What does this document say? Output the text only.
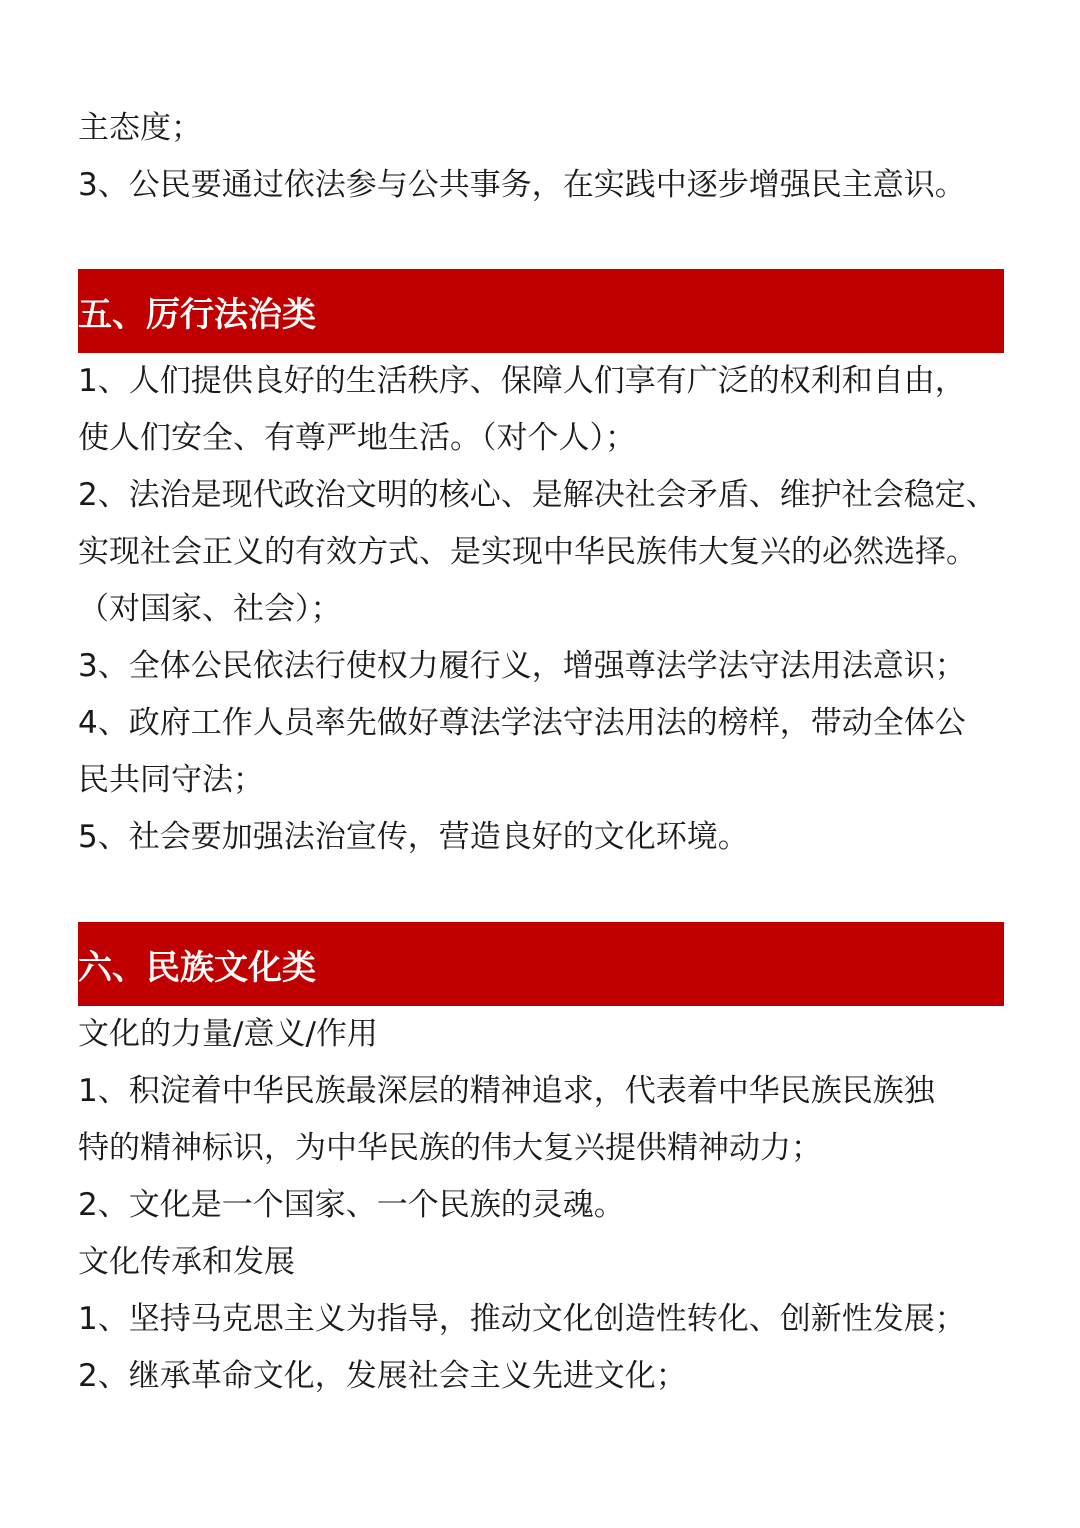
主态度；
3、公民要通过依法参与公共事务，在实践中逐步增强民主意识。
五、厉行法治类
1、人们提供良好的生活秩序、保障人们享有广泛的权利和自由，
使人们安全、有尊严地生活。（对个人）；
2、法治是现代政治文明的核心、是解决社会矛盾、维护社会稳定、
实现社会正义的有效方式、是实现中华民族伟大复兴的必然选择。
（对国家、社会）；
3、全体公民依法行使权力履行义，增强尊法学法守法用法意识；
4、政府工作人员率先做好尊法学法守法用法的榜样，带动全体公
民共同守法；
5、社会要加强法治宣传，营造良好的文化环境。
六、民族文化类
文化的力量/意义/作用
1、积淀着中华民族最深层的精神追求，代表着中华民族民族独
特的精神标识，为中华民族的伟大复兴提供精神动力；
2、文化是一个国家、一个民族的灵魂。
文化传承和发展
1、坚持马克思主义为指导，推动文化创造性转化、创新性发展；
2、继承革命文化，发展社会主义先进文化；
